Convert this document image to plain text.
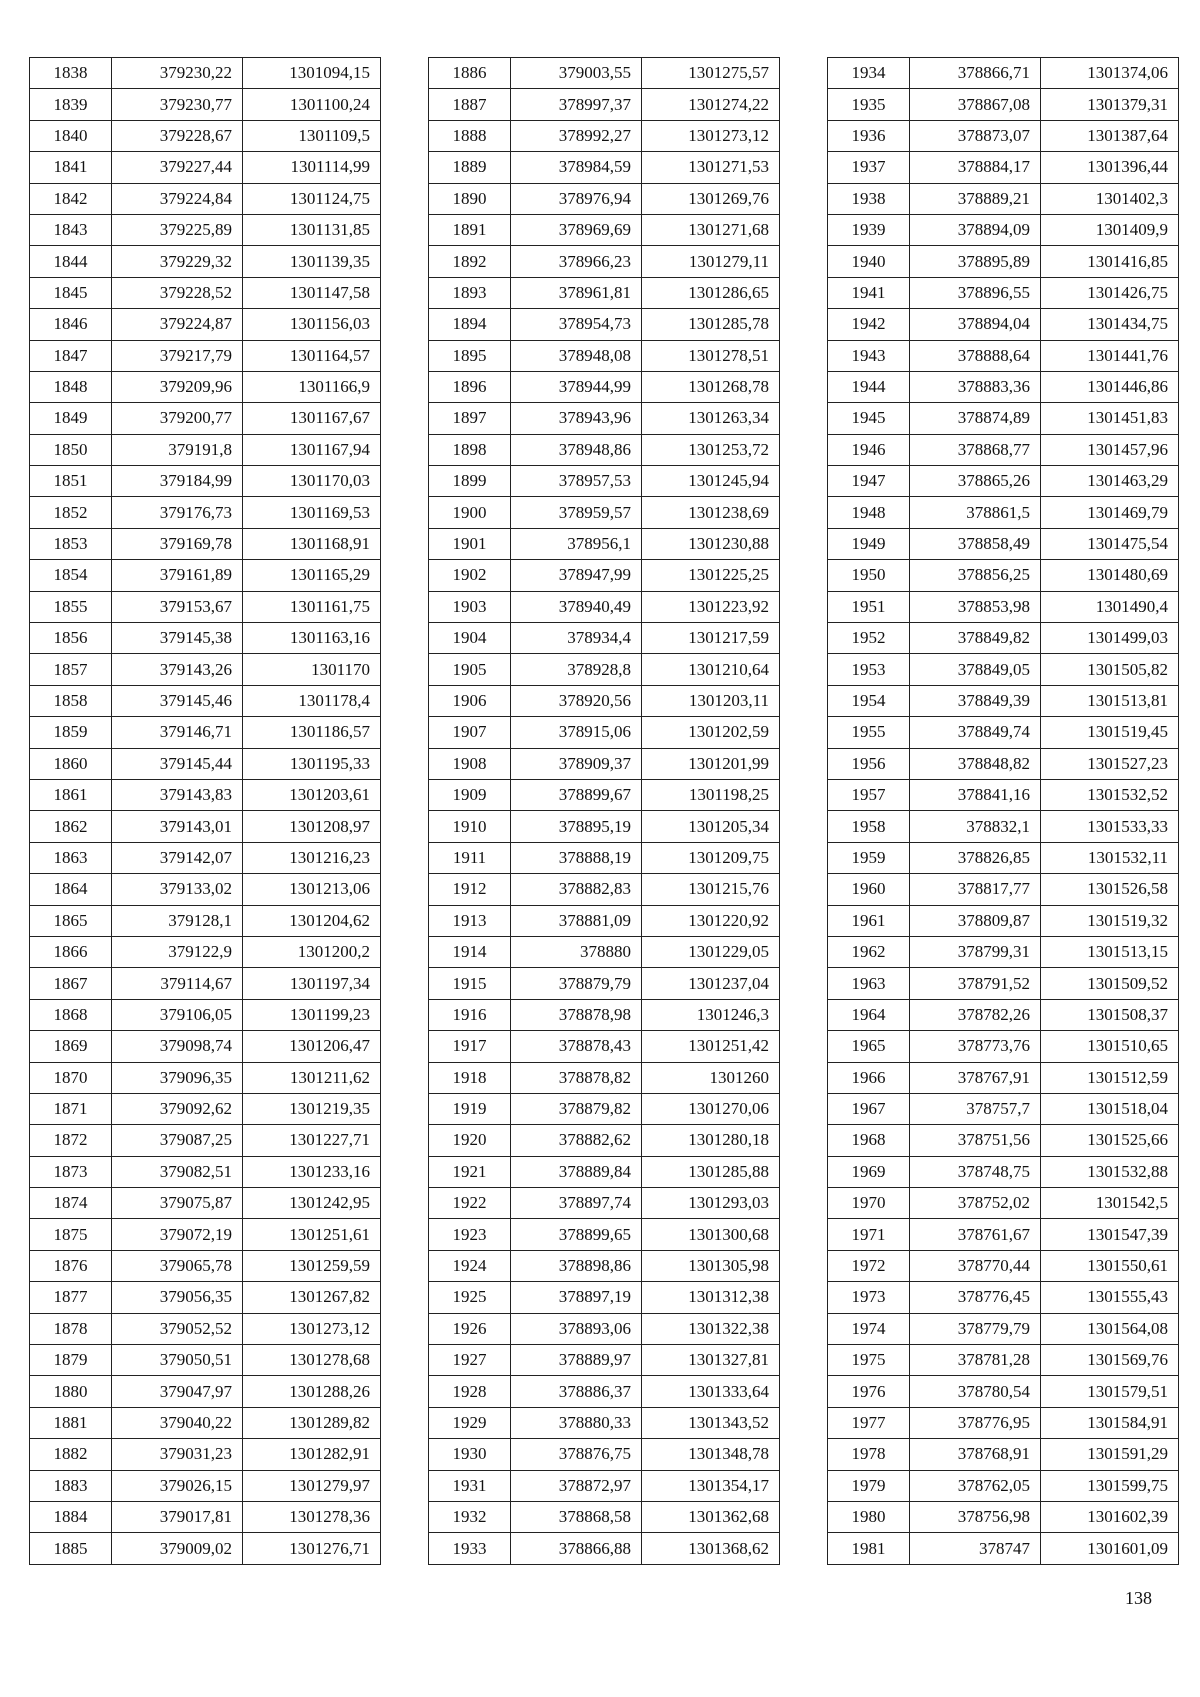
1838	379230,22	1301094,15
1839	379230,77	1301100,24
1840	379228,67	1301109,5
1841	379227,44	1301114,99
1842	379224,84	1301124,75
1843	379225,89	1301131,85
1844	379229,32	1301139,35
1845	379228,52	1301147,58
1846	379224,87	1301156,03
1847	379217,79	1301164,57
1848	379209,96	1301166,9
1849	379200,77	1301167,67
1850	379191,8	1301167,94
1851	379184,99	1301170,03
1852	379176,73	1301169,53
1853	379169,78	1301168,91
1854	379161,89	1301165,29
1855	379153,67	1301161,75
1856	379145,38	1301163,16
1857	379143,26	1301170
1858	379145,46	1301178,4
1859	379146,71	1301186,57
1860	379145,44	1301195,33
1861	379143,83	1301203,61
1862	379143,01	1301208,97
1863	379142,07	1301216,23
1864	379133,02	1301213,06
1865	379128,1	1301204,62
1866	379122,9	1301200,2
1867	379114,67	1301197,34
1868	379106,05	1301199,23
1869	379098,74	1301206,47
1870	379096,35	1301211,62
1871	379092,62	1301219,35
1872	379087,25	1301227,71
1873	379082,51	1301233,16
1874	379075,87	1301242,95
1875	379072,19	1301251,61
1876	379065,78	1301259,59
1877	379056,35	1301267,82
1878	379052,52	1301273,12
1879	379050,51	1301278,68
1880	379047,97	1301288,26
1881	379040,22	1301289,82
1882	379031,23	1301282,91
1883	379026,15	1301279,97
1884	379017,81	1301278,36
1885	379009,02	1301276,71
1886	379003,55	1301275,57
1887	378997,37	1301274,22
1888	378992,27	1301273,12
1889	378984,59	1301271,53
1890	378976,94	1301269,76
1891	378969,69	1301271,68
1892	378966,23	1301279,11
1893	378961,81	1301286,65
1894	378954,73	1301285,78
1895	378948,08	1301278,51
1896	378944,99	1301268,78
1897	378943,96	1301263,34
1898	378948,86	1301253,72
1899	378957,53	1301245,94
1900	378959,57	1301238,69
1901	378956,1	1301230,88
1902	378947,99	1301225,25
1903	378940,49	1301223,92
1904	378934,4	1301217,59
1905	378928,8	1301210,64
1906	378920,56	1301203,11
1907	378915,06	1301202,59
1908	378909,37	1301201,99
1909	378899,67	1301198,25
1910	378895,19	1301205,34
1911	378888,19	1301209,75
1912	378882,83	1301215,76
1913	378881,09	1301220,92
1914	378880	1301229,05
1915	378879,79	1301237,04
1916	378878,98	1301246,3
1917	378878,43	1301251,42
1918	378878,82	1301260
1919	378879,82	1301270,06
1920	378882,62	1301280,18
1921	378889,84	1301285,88
1922	378897,74	1301293,03
1923	378899,65	1301300,68
1924	378898,86	1301305,98
1925	378897,19	1301312,38
1926	378893,06	1301322,38
1927	378889,97	1301327,81
1928	378886,37	1301333,64
1929	378880,33	1301343,52
1930	378876,75	1301348,78
1931	378872,97	1301354,17
1932	378868,58	1301362,68
1933	378866,88	1301368,62
1934	378866,71	1301374,06
1935	378867,08	1301379,31
1936	378873,07	1301387,64
1937	378884,17	1301396,44
1938	378889,21	1301402,3
1939	378894,09	1301409,9
1940	378895,89	1301416,85
1941	378896,55	1301426,75
1942	378894,04	1301434,75
1943	378888,64	1301441,76
1944	378883,36	1301446,86
1945	378874,89	1301451,83
1946	378868,77	1301457,96
1947	378865,26	1301463,29
1948	378861,5	1301469,79
1949	378858,49	1301475,54
1950	378856,25	1301480,69
1951	378853,98	1301490,4
1952	378849,82	1301499,03
1953	378849,05	1301505,82
1954	378849,39	1301513,81
1955	378849,74	1301519,45
1956	378848,82	1301527,23
1957	378841,16	1301532,52
1958	378832,1	1301533,33
1959	378826,85	1301532,11
1960	378817,77	1301526,58
1961	378809,87	1301519,32
1962	378799,31	1301513,15
1963	378791,52	1301509,52
1964	378782,26	1301508,37
1965	378773,76	1301510,65
1966	378767,91	1301512,59
1967	378757,7	1301518,04
1968	378751,56	1301525,66
1969	378748,75	1301532,88
1970	378752,02	1301542,5
1971	378761,67	1301547,39
1972	378770,44	1301550,61
1973	378776,45	1301555,43
1974	378779,79	1301564,08
1975	378781,28	1301569,76
1976	378780,54	1301579,51
1977	378776,95	1301584,91
1978	378768,91	1301591,29
1979	378762,05	1301599,75
1980	378756,98	1301602,39
1981	378747	1301601,09
138
